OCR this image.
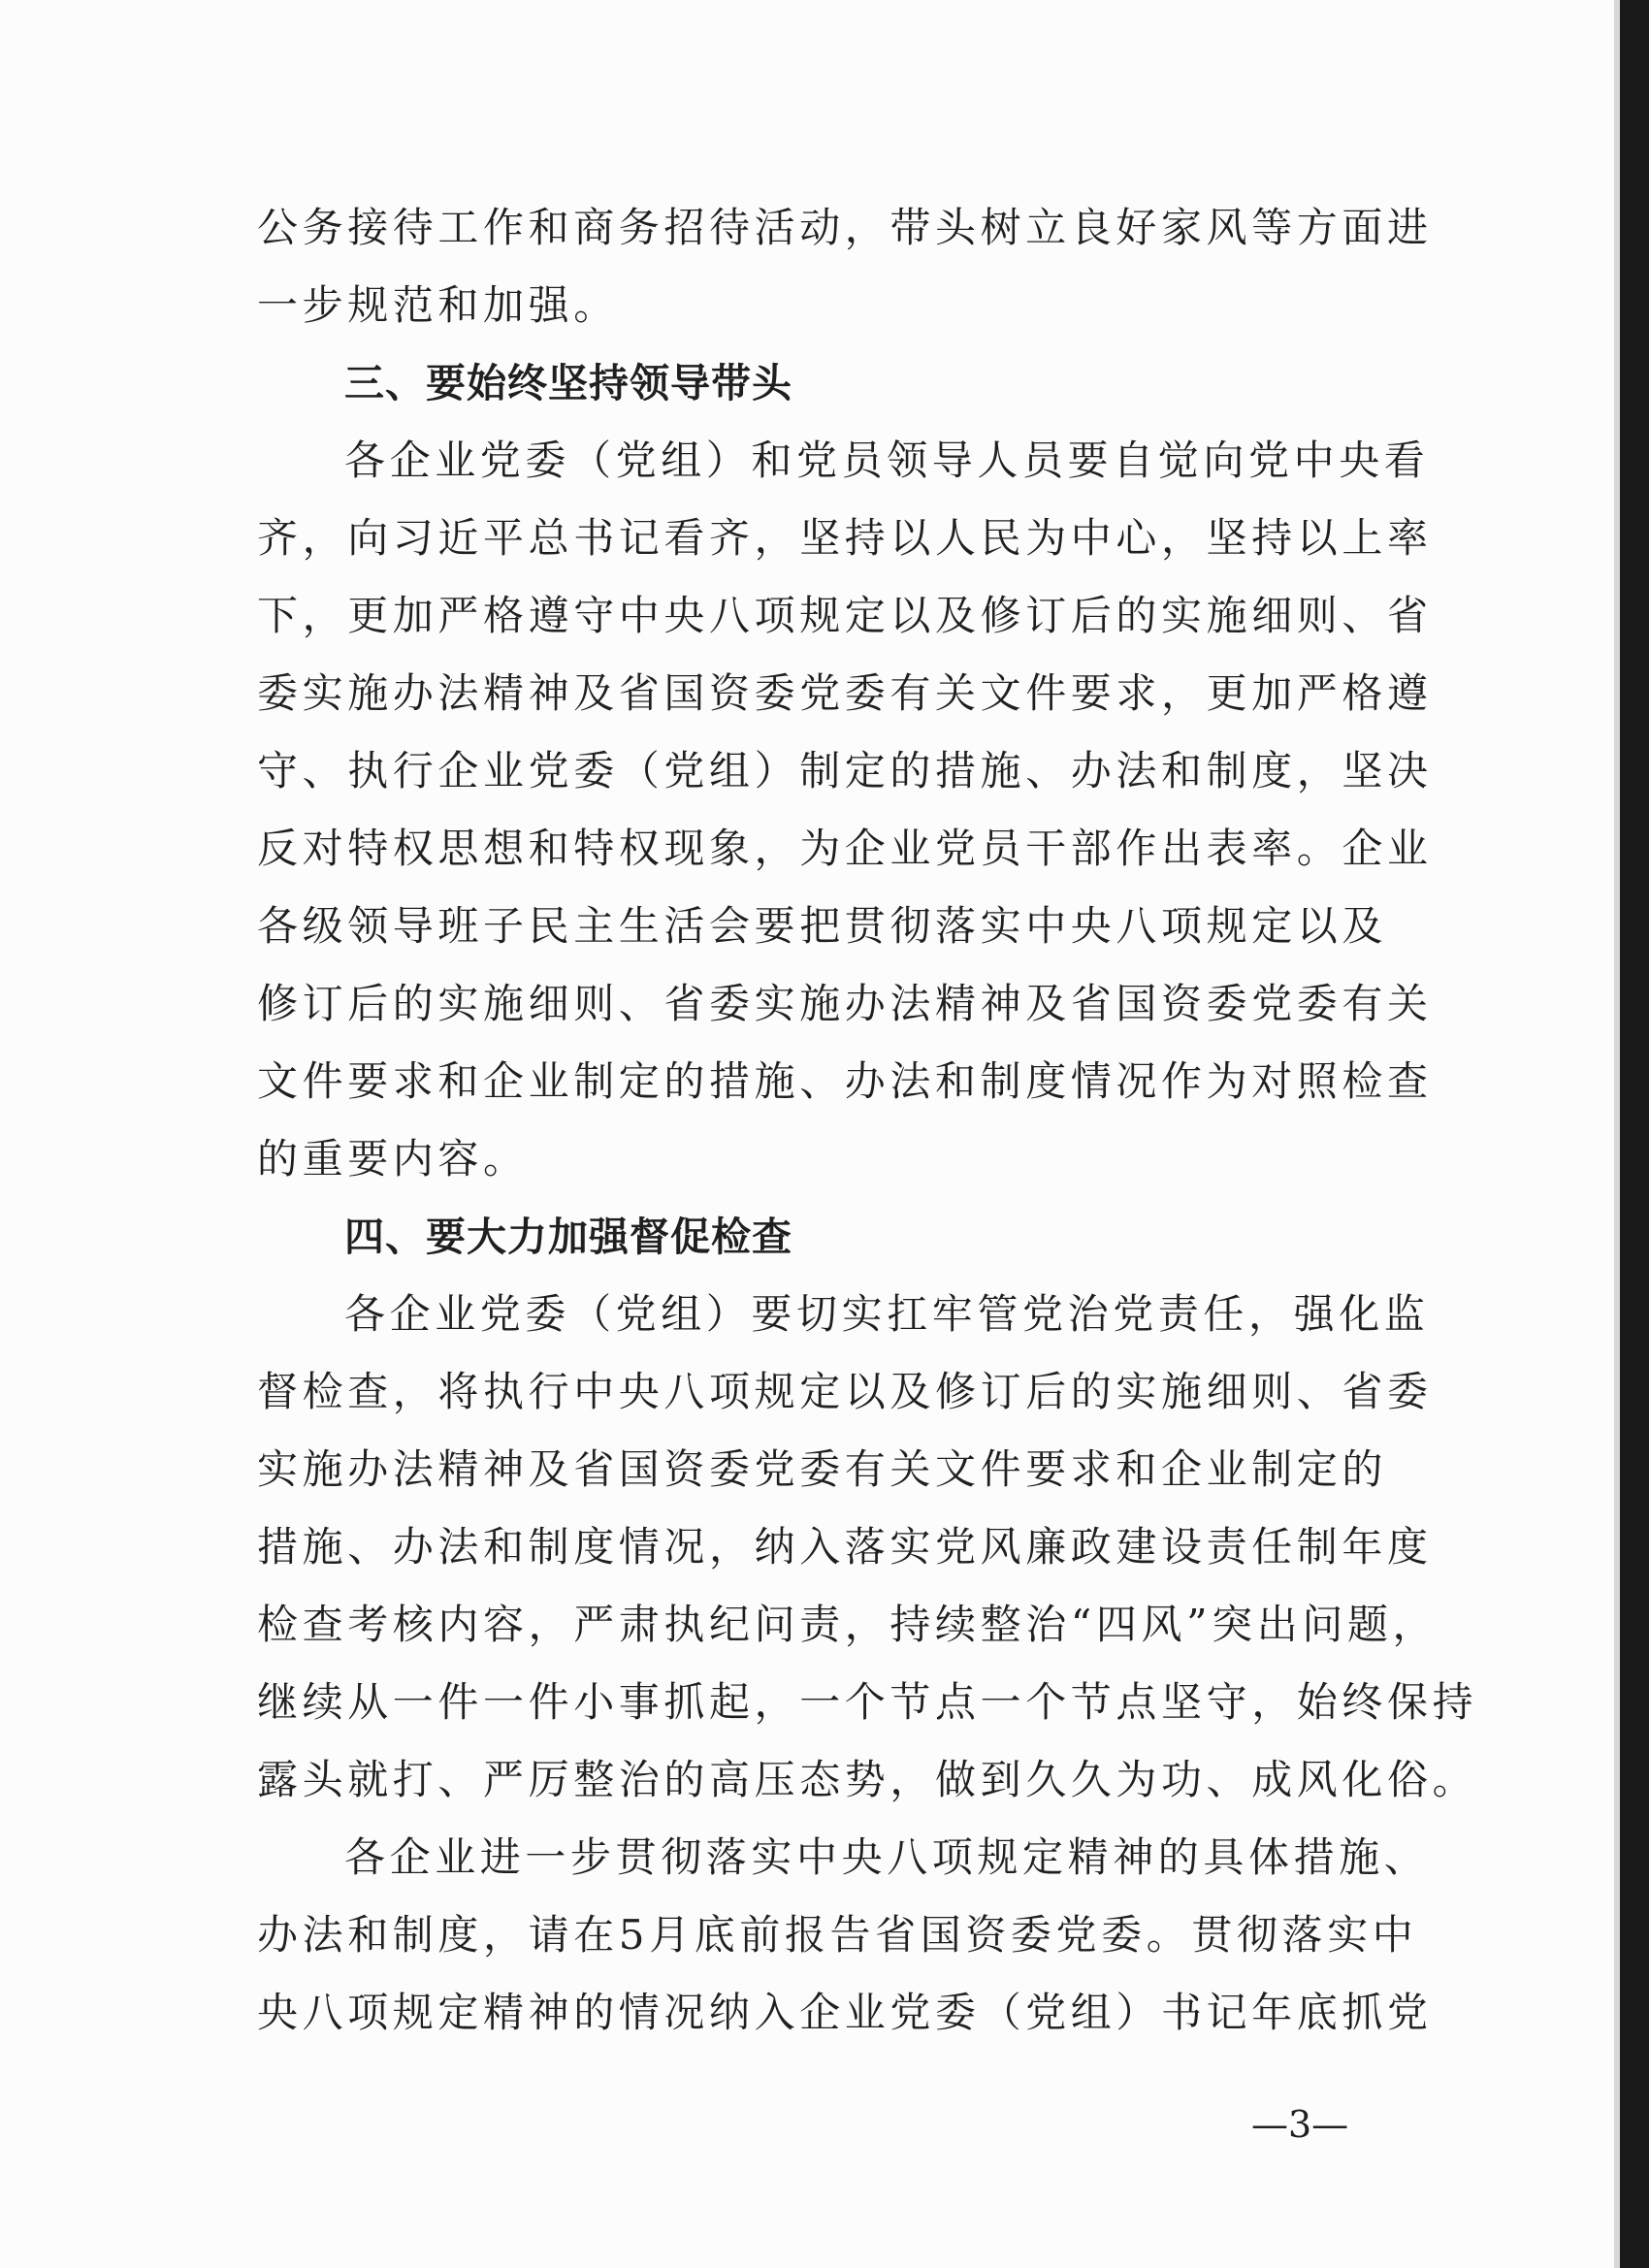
公务接待工作和商务招待活动，带头树立良好家风等方面进
一步规范和加强。
三、要始终坚持领导带头
各企业党委（党组）和党员领导人员要自觉向党中央看
齐，向习近平总书记看齐，坚持以人民为中心，坚持以上率
下，更加严格遵守中央八项规定以及修订后的实施细则、省
委实施办法精神及省国资委党委有关文件要求，更加严格遵
守、执行企业党委（党组）制定的措施、办法和制度，坚决
反对特权思想和特权现象，为企业党员干部作出表率。企业
各级领导班子民主生活会要把贯彻落实中央八项规定以及
修订后的实施细则、省委实施办法精神及省国资委党委有关
文件要求和企业制定的措施、办法和制度情况作为对照检查
的重要内容。
四、要大力加强督促检查
各企业党委（党组）要切实扛牢管党治党责任，强化监
督检查，将执行中央八项规定以及修订后的实施细则、省委
实施办法精神及省国资委党委有关文件要求和企业制定的
措施、办法和制度情况，纳入落实党风廉政建设责任制年度
检查考核内容，严肃执纪问责，持续整治“四风”突出问题，
继续从一件一件小事抓起，一个节点一个节点坚守，始终保持
露头就打、严厉整治的高压态势，做到久久为功、成风化俗。
各企业进一步贯彻落实中央八项规定精神的具体措施、
办法和制度，请在5月底前报告省国资委党委。贯彻落实中
央八项规定精神的情况纳入企业党委（党组）书记年底抓党
—3—
